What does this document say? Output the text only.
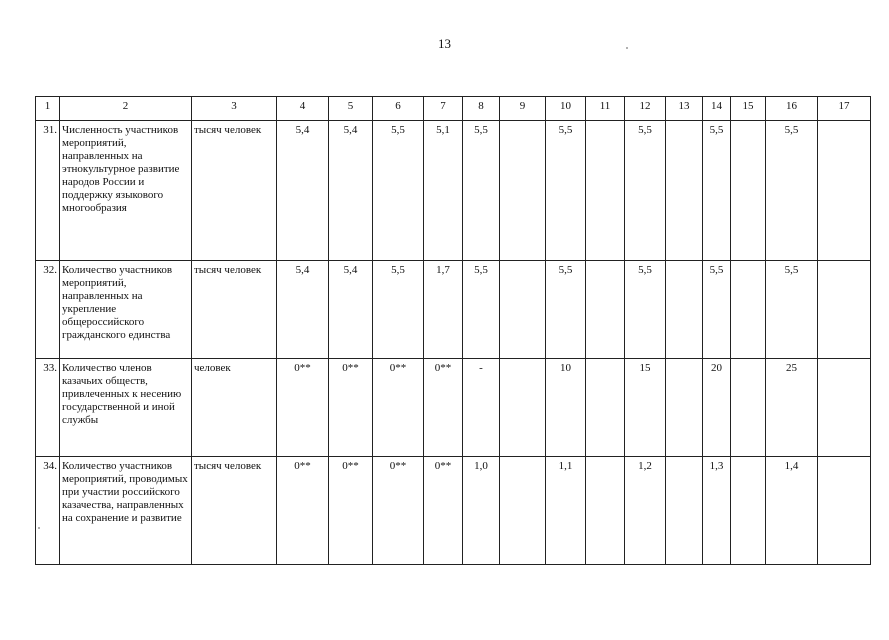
13
1	2	3	4	5	6	7	8	9	10	11	12	13	14	15	16	17
31.	Численность участников мероприятий, направленных на этнокультурное развитие народов России и поддержку языкового многообразия	тысяч человек	5,4	5,4	5,5	5,1	5,5		5,5		5,5		5,5		5,5	
32.	Количество участников мероприятий, направленных на укрепление общероссийского гражданского единства	тысяч человек	5,4	5,4	5,5	1,7	5,5		5,5		5,5		5,5		5,5	
33.	Количество членов казачьих обществ, привлеченных к несению государственной и иной службы	человек	0**	0**	0**	0**	-		10		15		20		25	
34.	Количество участников мероприятий, проводимых при участии российского казачества, направленных на сохранение и развитие	тысяч человек	0**	0**	0**	0**	1,0		1,1		1,2		1,3		1,4	
